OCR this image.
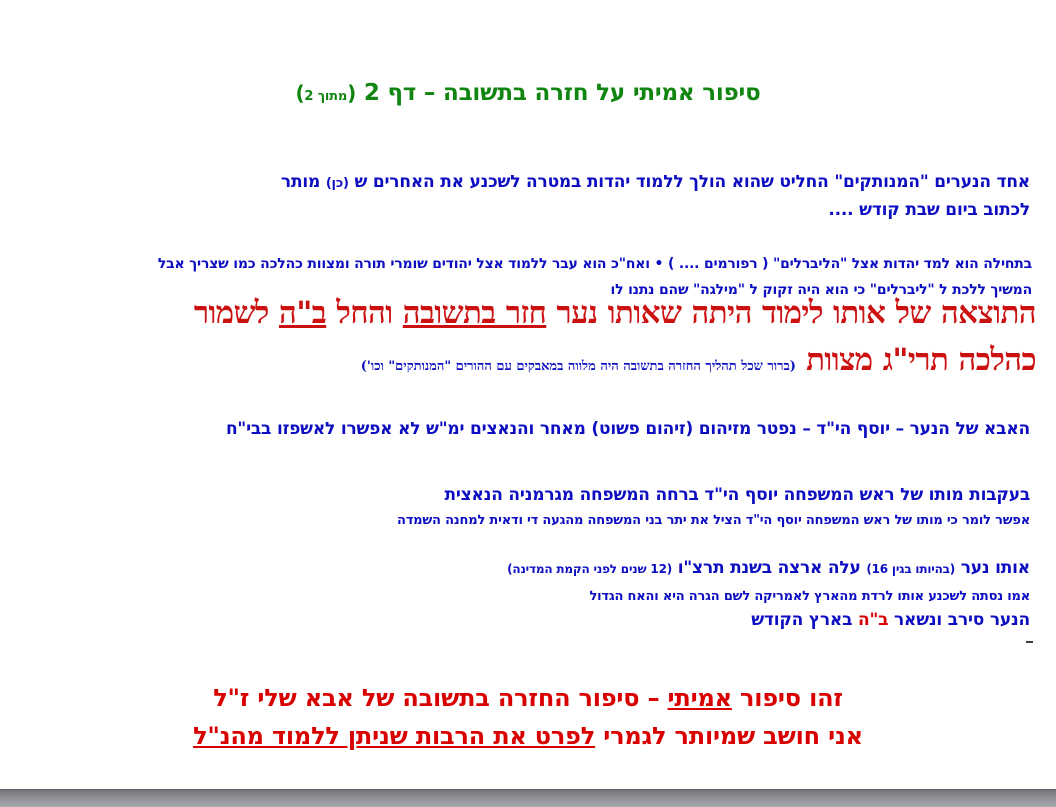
סיפור אמיתי על חזרה בתשובה – דף 2 (מתוך 2)
אחד הנערים "המנותקים" החליט שהוא הולך ללמוד יהדות במטרה לשכנע את האחרים ש (כן) מותר
לכתוב ביום שבת קודש ....
בתחילה הוא למד יהדות אצל "הליברלים" ( רפורמים .... ) • ואח"כ הוא עבר ללמוד אצל יהודים שומרי תורה ומצוות כהלכה כמו שצריך אבל
המשיך ללכת ל "ליברלים" כי הוא היה זקוק ל "מילגה" שהם נתנו לו
התוצאה של אותו לימוד היתה שאותו נער חזר בתשובה והחל ב"ה לשמור
כהלכה תרי"ג מצוות (ברור שכל תהליך החזרה בתשובה היה מלווה במאבקים עם ההורים "המנותקים" וכו')
האבא של הנער – יוסף הי"ד – נפטר מזיהום (זיהום פשוט) מאחר והנאצים ימ"ש לא אפשרו לאשפזו בבי"ח
בעקבות מותו של ראש המשפחה יוסף הי"ד ברחה המשפחה מגרמניה הנאצית
אפשר לומר כי מותו של ראש המשפחה יוסף הי"ד הציל את יתר בני המשפחה מהגעה די ודאית למחנה השמדה
אותו נער (בהיותו בגין 16) עלה ארצה בשנת תרצ"ו (12 שנים לפני הקמת המדינה)
אמו נסתה לשכנע אותו לרדת מהארץ לאמריקה לשם הגרה היא והאח הגדול
הנער סירב ונשאר ב"ה בארץ הקודש
זהו סיפור אמיתי – סיפור החזרה בתשובה של אבא שלי ז"ל
אני חושב שמיותר לגמרי לפרט את הרבות שניתן ללמוד מהנ"ל
